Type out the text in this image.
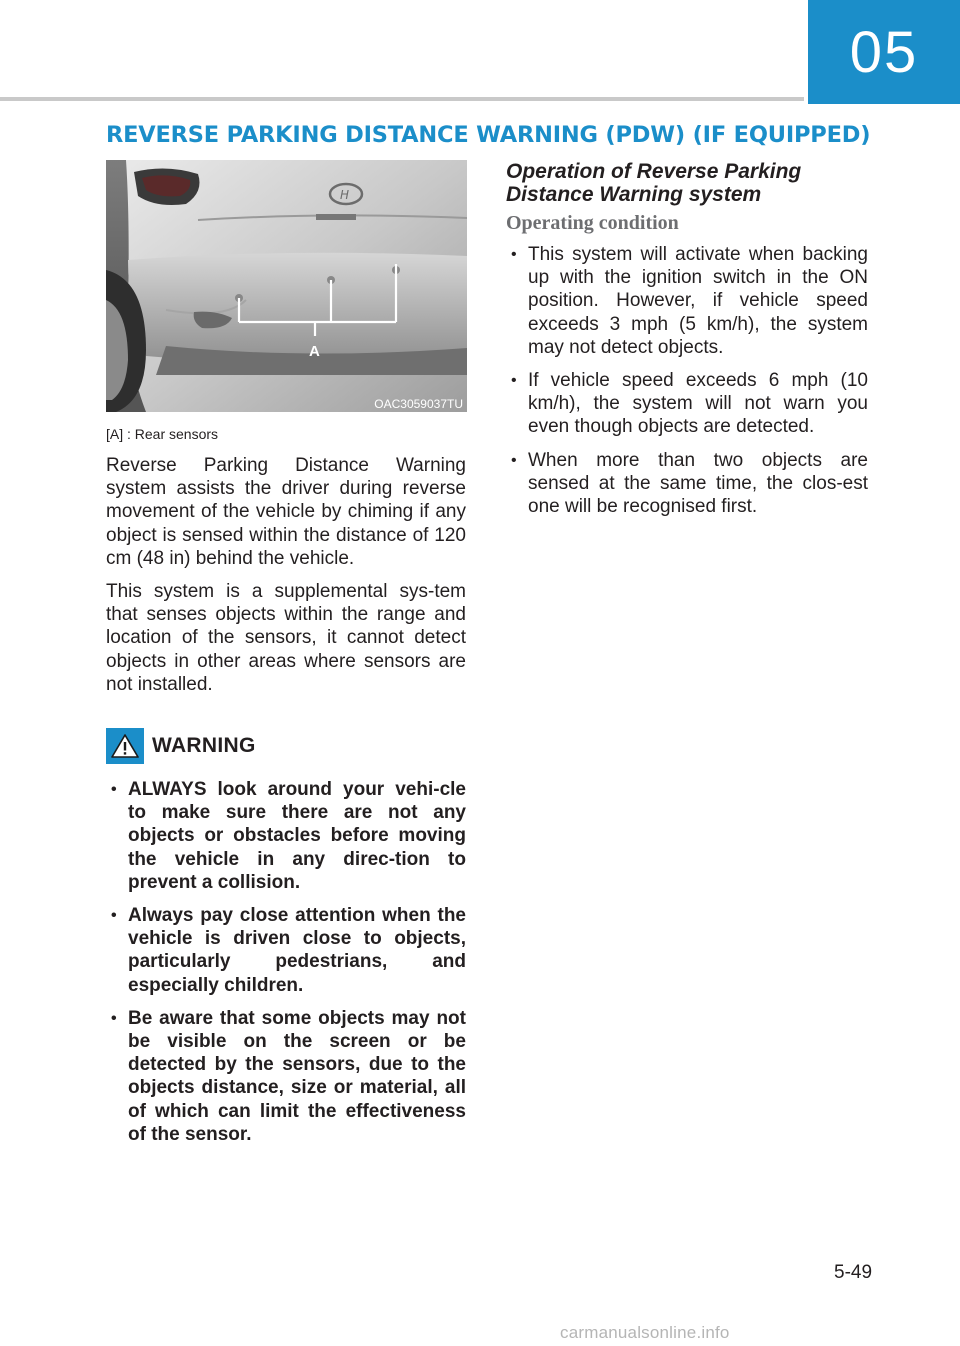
05
REVERSE PARKING DISTANCE WARNING (PDW) (IF EQUIPPED)
H
A
OAC3059037TU
[A] : Rear sensors

Reverse Parking Distance Warning system assists the driver during reverse movement of the vehicle by chiming if any object is sensed within the distance of 120 cm (48 in) behind the vehicle.

This system is a supplemental sys-tem that senses objects within the range and location of the sensors, it cannot detect objects in other areas where sensors are not installed.

WARNING
• ALWAYS look around your vehi-cle to make sure there are not any objects or obstacles before moving the vehicle in any direc-tion to prevent a collision.
• Always pay close attention when the vehicle is driven close to objects, particularly pedestrians, and especially children.
• Be aware that some objects may not be visible on the screen or be detected by the sensors, due to the objects distance, size or material, all of which can limit the effectiveness of the sensor.
Operation of Reverse Parking Distance Warning system
Operating condition
• This system will activate when backing up with the ignition switch in the ON position. However, if vehicle speed exceeds 3 mph (5 km/h), the system may not detect objects.
• If vehicle speed exceeds 6 mph (10 km/h), the system will not warn you even though objects are detected.
• When more than two objects are sensed at the same time, the clos-est one will be recognised first.
5-49
carmanualsonline.info
